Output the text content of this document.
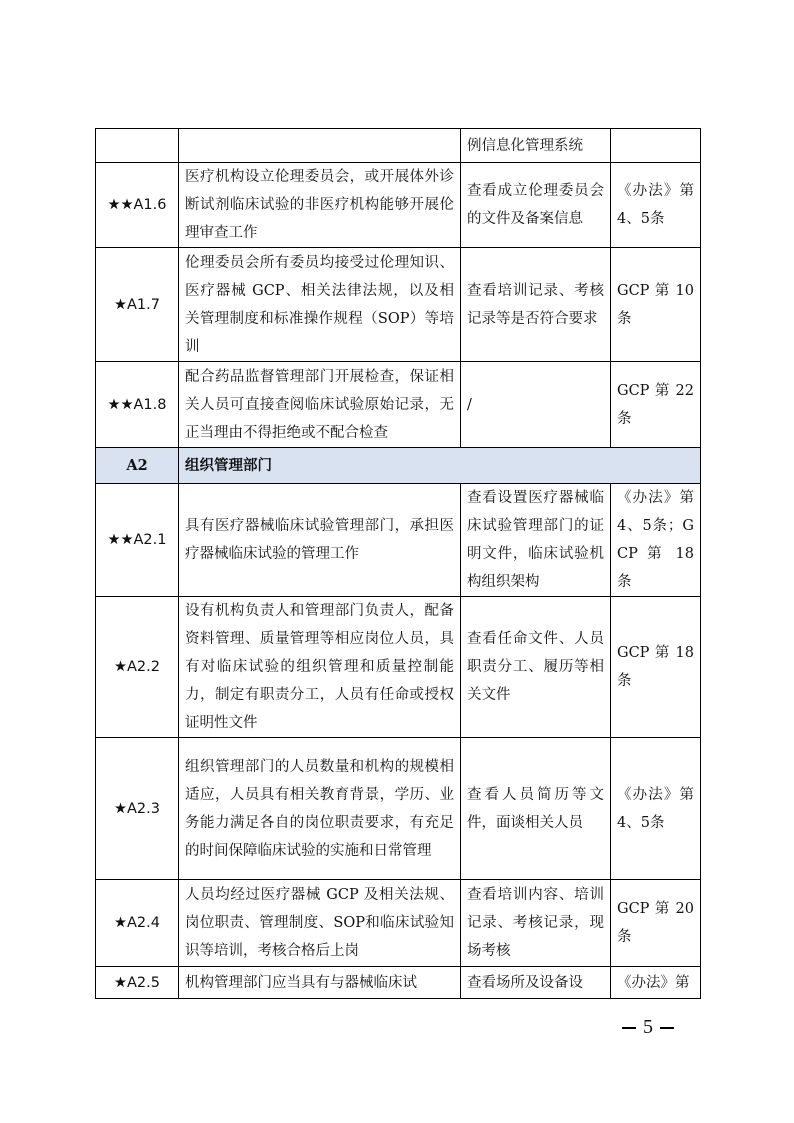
		例信息化管理系统	
★★A1.6	医疗机构设立伦理委员会，或开展体外诊断试剂临床试验的非医疗机构能够开展伦理审查工作	查看成立伦理委员会的文件及备案信息	《办法》第4、5条
★A1.7	伦理委员会所有委员均接受过伦理知识、医疗器械 GCP、相关法律法规，以及相关管理制度和标准操作规程（SOP）等培训	查看培训记录、考核记录等是否符合要求	GCP 第 10 条
★★A1.8	配合药品监督管理部门开展检查，保证相关人员可直接查阅临床试验原始记录，无正当理由不得拒绝或不配合检查	/	GCP 第 22 条
A2	组织管理部门		
★★A2.1	具有医疗器械临床试验管理部门，承担医疗器械临床试验的管理工作	查看设置医疗器械临床试验管理部门的证明文件，临床试验机构组织架构	《办法》第4、5条；GCP 第 18 条
★A2.2	设有机构负责人和管理部门负责人，配备资料管理、质量管理等相应岗位人员，具有对临床试验的组织管理和质量控制能力，制定有职责分工，人员有任命或授权证明性文件	查看任命文件、人员职责分工、履历等相关文件	GCP 第 18 条
★A2.3	组织管理部门的人员数量和机构的规模相适应，人员具有相关教育背景，学历、业务能力满足各自的岗位职责要求，有充足的时间保障临床试验的实施和日常管理	查看人员简历等文件，面谈相关人员	《办法》第4、5条
★A2.4	人员均经过医疗器械 GCP 及相关法规、岗位职责、管理制度、SOP和临床试验知识等培训，考核合格后上岗	查看培训内容、培训记录、考核记录，现场考核	GCP 第 20 条
★A2.5	机构管理部门应当具有与器械临床试	查看场所及设备设	《办法》第
5
